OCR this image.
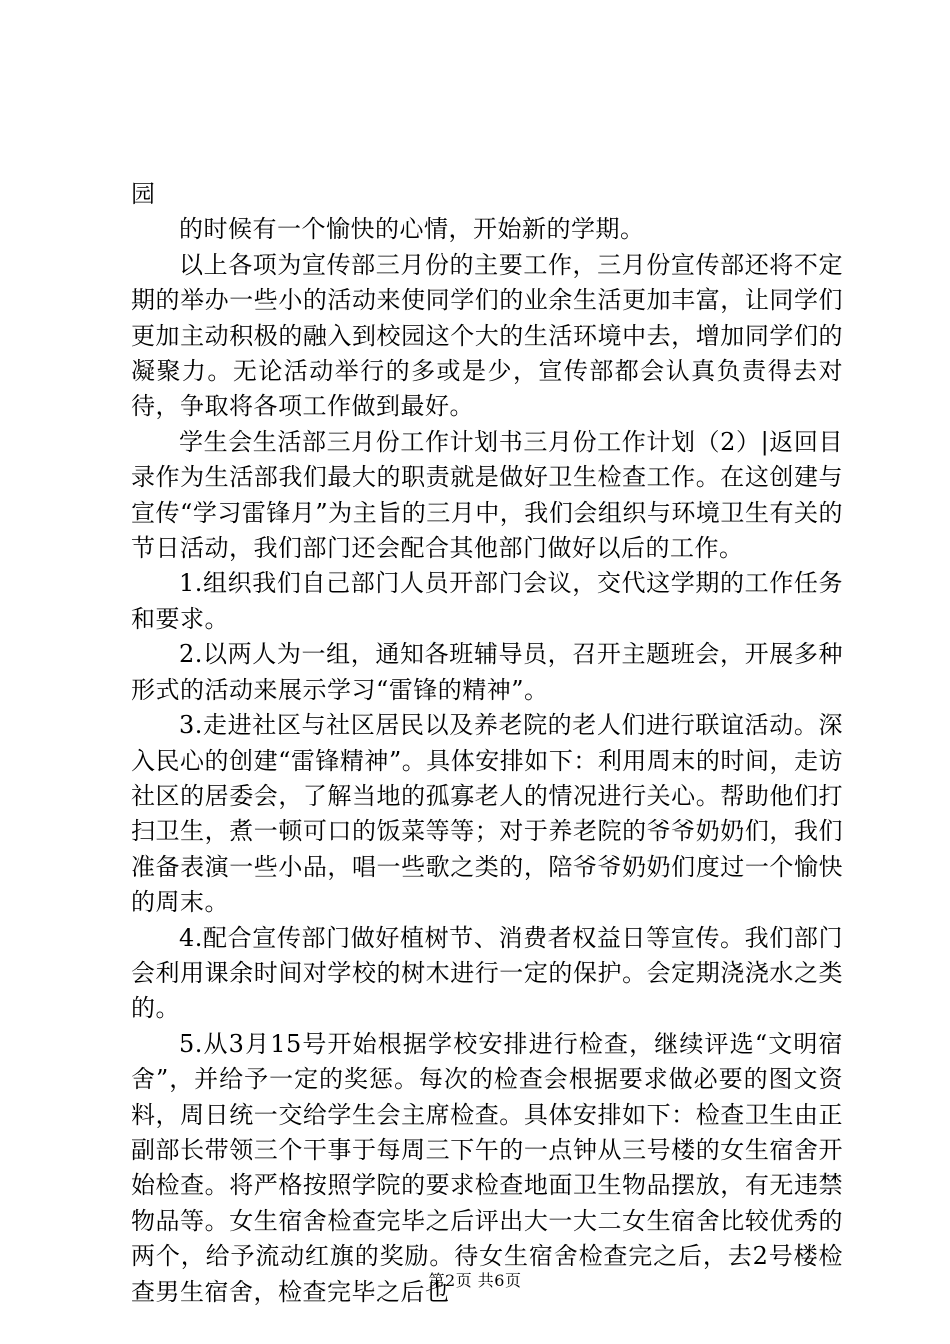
园

的时候有一个愉快的心情，开始新的学期。

以上各项为宣传部三月份的主要工作，三月份宣传部还将不定期的举办一些小的活动来使同学们的业余生活更加丰富，让同学们更加主动积极的融入到校园这个大的生活环境中去，增加同学们的凝聚力。无论活动举行的多或是少，宣传部都会认真负责得去对待，争取将各项工作做到最好。

学生会生活部三月份工作计划书三月份工作计划（2）|返回目录作为生活部我们最大的职责就是做好卫生检查工作。在这创建与宣传“学习雷锋月”为主旨的三月中，我们会组织与环境卫生有关的节日活动，我们部门还会配合其他部门做好以后的工作。

1.组织我们自己部门人员开部门会议，交代这学期的工作任务和要求。

2.以两人为一组，通知各班辅导员，召开主题班会，开展多种形式的活动来展示学习“雷锋的精神”。

3.走进社区与社区居民以及养老院的老人们进行联谊活动。深入民心的创建“雷锋精神”。具体安排如下：利用周末的时间，走访社区的居委会，了解当地的孤寡老人的情况进行关心。帮助他们打扫卫生，煮一顿可口的饭菜等等；对于养老院的爷爷奶奶们，我们准备表演一些小品，唱一些歌之类的，陪爷爷奶奶们度过一个愉快的周末。

4.配合宣传部门做好植树节、消费者权益日等宣传。我们部门会利用课余时间对学校的树木进行一定的保护。会定期浇浇水之类的。

5.从3月15号开始根据学校安排进行检查，继续评选“文明宿舍”，并给予一定的奖惩。每次的检查会根据要求做必要的图文资料，周日统一交给学生会主席检查。具体安排如下：检查卫生由正副部长带领三个干事于每周三下午的一点钟从三号楼的女生宿舍开始检查。将严格按照学院的要求检查地面卫生物品摆放，有无违禁物品等。女生宿舍检查完毕之后评出大一大二女生宿舍比较优秀的两个，给予流动红旗的奖励。待女生宿舍检查完之后，去2号楼检查男生宿舍，检查完毕之后也

第2页 共6页
